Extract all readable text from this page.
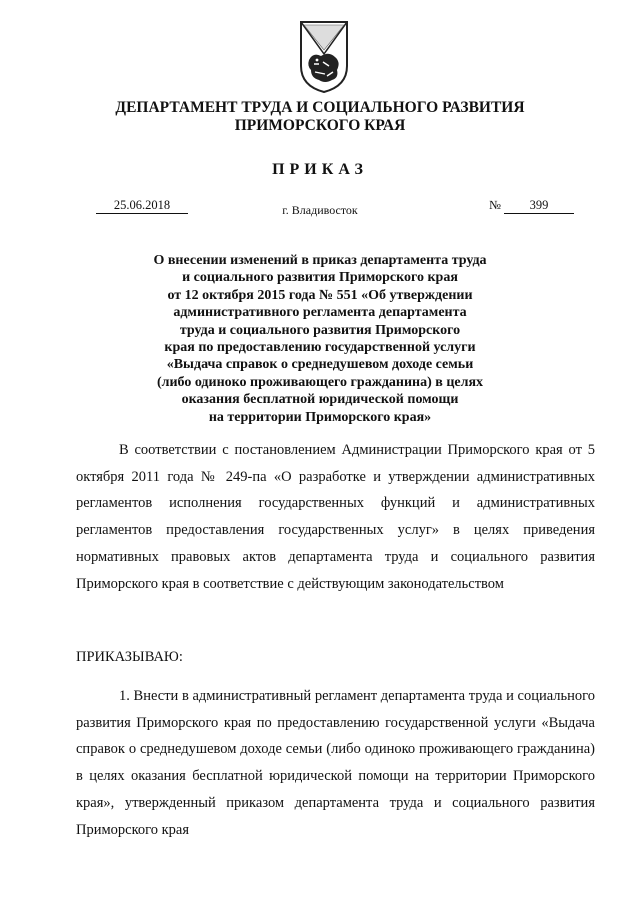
ДЕПАРТАМЕНТ ТРУДА И СОЦИАЛЬНОГО РАЗВИТИЯ
ПРИМОРСКОГО КРАЯ
ПРИКАЗ
25.06.2018	г. Владивосток	№	399
О внесении изменений в приказ департамента труда
и социального развития Приморского края
от 12 октября 2015 года № 551 «Об утверждении
административного регламента департамента
труда и социального развития Приморского
края по предоставлению государственной услуги
«Выдача справок о среднедушевом доходе семьи
(либо одиноко проживающего гражданина) в целях
оказания бесплатной юридической помощи
на территории Приморского края»
В соответствии с постановлением Администрации Приморского края от 5 октября 2011 года № 249-па «О разработке и утверждении административных регламентов исполнения государственных функций и административных регламентов предоставления государственных услуг» в целях приведения нормативных правовых актов департамента труда и социального развития Приморского края в соответствие с действующим законодательством
ПРИКАЗЫВАЮ:
1. Внести в административный регламент департамента труда и социального развития Приморского края по предоставлению государственной услуги «Выдача справок о среднедушевом доходе семьи (либо одиноко проживающего гражданина) в целях оказания бесплатной юридической помощи на территории Приморского края», утвержденный приказом департамента труда и социального развития Приморского края
